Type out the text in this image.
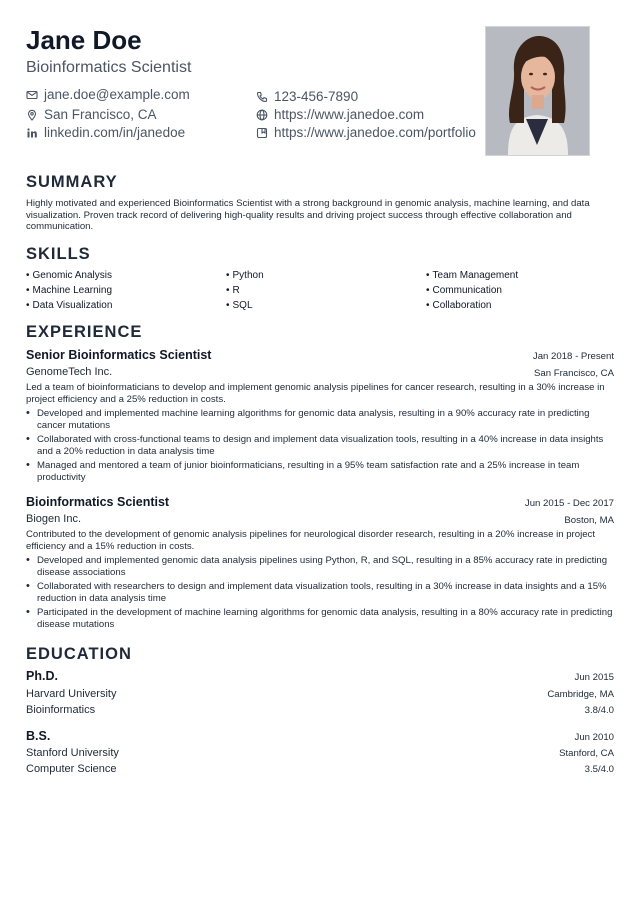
Jane Doe
Bioinformatics Scientist
jane.doe@example.com	123-456-7890
San Francisco, CA	https://www.janedoe.com
linkedin.com/in/janedoe	https://www.janedoe.com/portfolio
SUMMARY
Highly motivated and experienced Bioinformatics Scientist with a strong background in genomic analysis, machine learning, and data visualization. Proven track record of delivering high-quality results and driving project success through effective collaboration and communication.
SKILLS
• Genomic Analysis
• Machine Learning
• Data Visualization
• Python
• R
• SQL
• Team Management
• Communication
• Collaboration
EXPERIENCE
Senior Bioinformatics Scientist	Jan 2018 - Present
GenomeTech Inc.	San Francisco, CA
Led a team of bioinformaticians to develop and implement genomic analysis pipelines for cancer research, resulting in a 30% increase in project efficiency and a 25% reduction in costs.
• Developed and implemented machine learning algorithms for genomic data analysis, resulting in a 90% accuracy rate in predicting cancer mutations
• Collaborated with cross-functional teams to design and implement data visualization tools, resulting in a 40% increase in data insights and a 20% reduction in data analysis time
• Managed and mentored a team of junior bioinformaticians, resulting in a 95% team satisfaction rate and a 25% increase in team productivity
Bioinformatics Scientist	Jun 2015 - Dec 2017
Biogen Inc.	Boston, MA
Contributed to the development of genomic analysis pipelines for neurological disorder research, resulting in a 20% increase in project efficiency and a 15% reduction in costs.
• Developed and implemented genomic data analysis pipelines using Python, R, and SQL, resulting in a 85% accuracy rate in predicting disease associations
• Collaborated with researchers to design and implement data visualization tools, resulting in a 30% increase in data insights and a 15% reduction in data analysis time
• Participated in the development of machine learning algorithms for genomic data analysis, resulting in a 80% accuracy rate in predicting disease mutations
EDUCATION
Ph.D.	Jun 2015
Harvard University	Cambridge, MA
Bioinformatics	3.8/4.0
B.S.	Jun 2010
Stanford University	Stanford, CA
Computer Science	3.5/4.0
